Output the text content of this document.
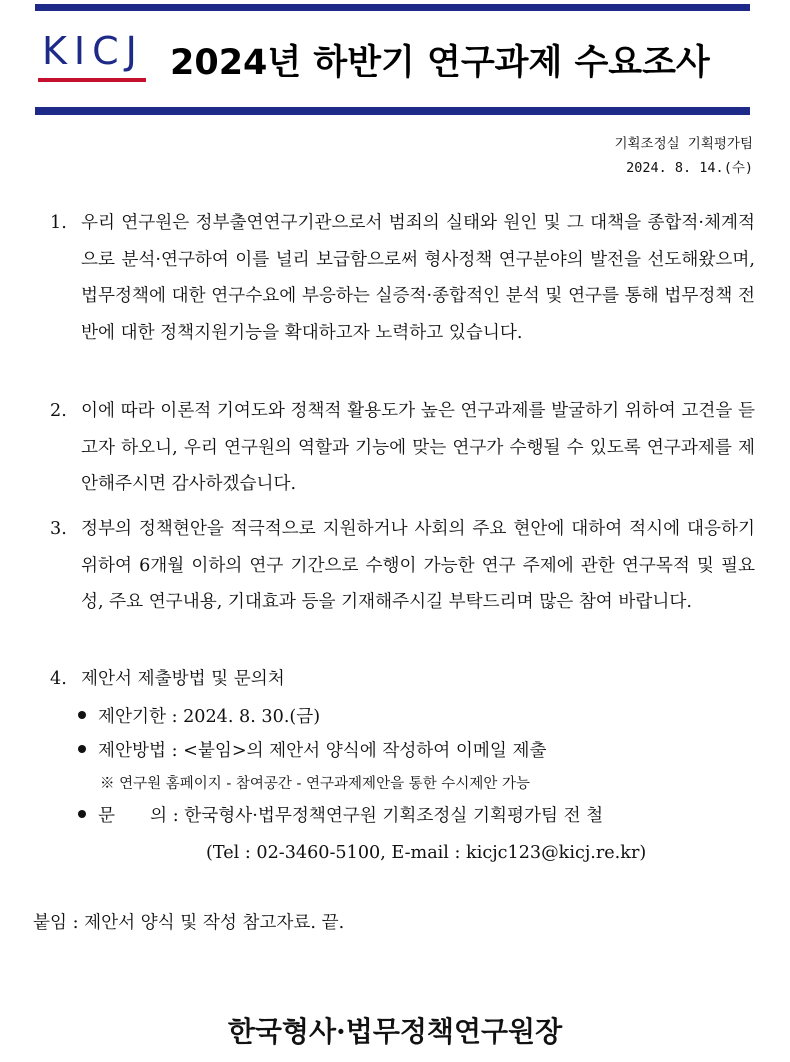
KICJ 2024년 하반기 연구과제 수요조사
기획조정실 기획평가팀
2024. 8. 14.(수)
1. 우리 연구원은 정부출연연구기관으로서 범죄의 실태와 원인 및 그 대책을 종합적·체계적으로 분석·연구하여 이를 널리 보급함으로써 형사정책 연구분야의 발전을 선도해왔으며, 법무정책에 대한 연구수요에 부응하는 실증적·종합적인 분석 및 연구를 통해 법무정책 전반에 대한 정책지원기능을 확대하고자 노력하고 있습니다.
2. 이에 따라 이론적 기여도와 정책적 활용도가 높은 연구과제를 발굴하기 위하여 고견을 듣고자 하오니, 우리 연구원의 역할과 기능에 맞는 연구가 수행될 수 있도록 연구과제를 제안해주시면 감사하겠습니다.
3. 정부의 정책현안을 적극적으로 지원하거나 사회의 주요 현안에 대하여 적시에 대응하기 위하여 6개월 이하의 연구 기간으로 수행이 가능한 연구 주제에 관한 연구목적 및 필요성, 주요 연구내용, 기대효과 등을 기재해주시길 부탁드리며 많은 참여 바랍니다.
4. 제안서 제출방법 및 문의처
제안기한 : 2024. 8. 30.(금)
제안방법 : <붙임>의 제안서 양식에 작성하여 이메일 제출
※ 연구원 홈페이지 - 참여공간 - 연구과제제안을 통한 수시제안 가능
문　　의 : 한국형사·법무정책연구원 기획조정실 기획평가팀 전 철
(Tel : 02-3460-5100, E-mail : kicjc123@kicj.re.kr)
붙임 : 제안서 양식 및 작성 참고자료. 끝.

한국형사·법무정책연구원장
